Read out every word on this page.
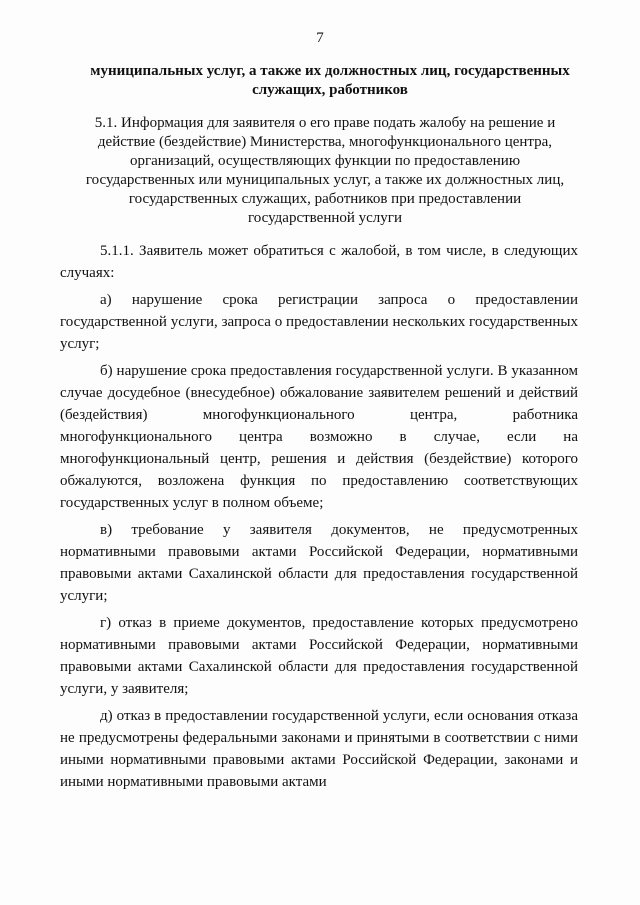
7
муниципальных услуг, а также их должностных лиц, государственных
служащих, работников
5.1. Информация для заявителя о его праве подать жалобу на решение и
действие (бездействие) Министерства, многофункционального центра,
организаций, осуществляющих функции по предоставлению
государственных или муниципальных услуг, а также их должностных лиц,
государственных служащих, работников при предоставлении
государственной услуги

5.1.1. Заявитель может обратиться с жалобой, в том числе, в следующих случаях:

а) нарушение срока регистрации запроса о предоставлении государственной услуги, запроса о предоставлении нескольких государственных услуг;

б) нарушение срока предоставления государственной услуги. В указанном случае досудебное (внесудебное) обжалование заявителем решений и действий (бездействия) многофункционального центра, работника многофункционального центра возможно в случае, если на многофункциональный центр, решения и действия (бездействие) которого обжалуются, возложена функция по предоставлению соответствующих государственных услуг в полном объеме;

в) требование у заявителя документов, не предусмотренных нормативными правовыми актами Российской Федерации, нормативными правовыми актами Сахалинской области для предоставления государственной услуги;

г) отказ в приеме документов, предоставление которых предусмотрено нормативными правовыми актами Российской Федерации, нормативными правовыми актами Сахалинской области для предоставления государственной услуги, у заявителя;

д) отказ в предоставлении государственной услуги, если основания отказа не предусмотрены федеральными законами и принятыми в соответствии с ними иными нормативными правовыми актами Российской Федерации, законами и иными нормативными правовыми актами
